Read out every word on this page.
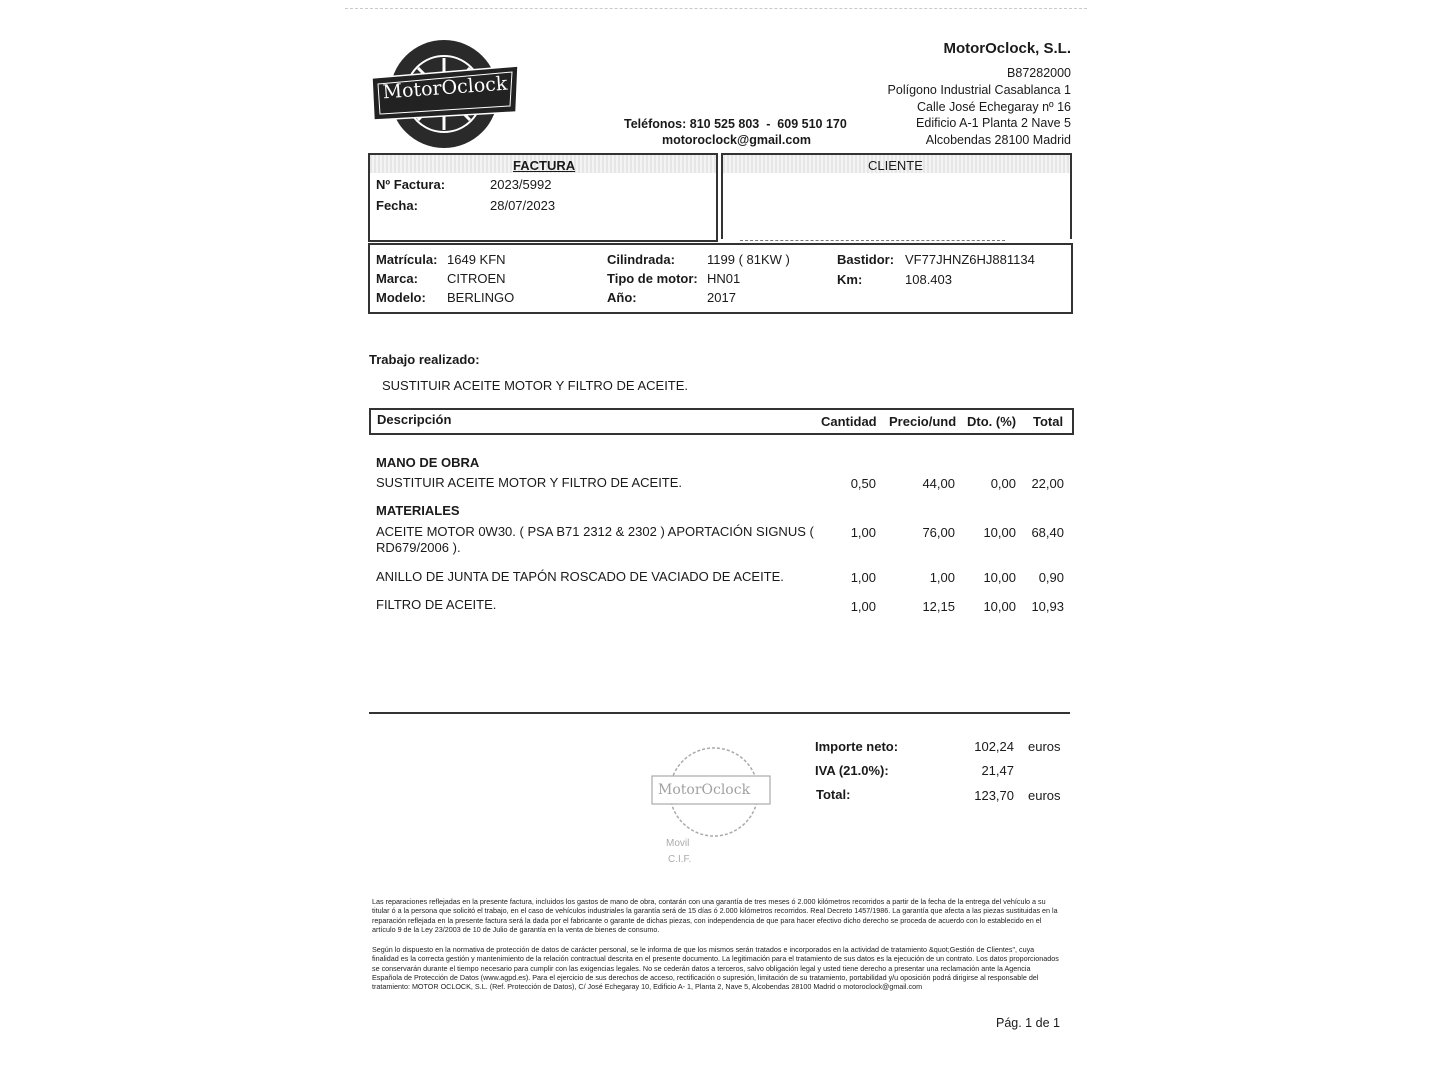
MotorOclock
MotorOclock, S.L.
B87282000
Polígono Industrial Casablanca 1
Calle José Echegaray nº 16
Edificio A-1 Planta 2 Nave 5
Alcobendas 28100 Madrid
Teléfonos: 810 525 803  -  609 510 170
motoroclock@gmail.com
FACTURA
Nº Factura:	2023/5992
Fecha:	28/07/2023
CLIENTE
Matrícula: 1649 KFN
Marca: CITROEN
Modelo: BERLINGO
Cilindrada: 1199 ( 81KW )
Tipo de motor: HN01
Año:	2017
Bastidor: VF77JHNZ6HJ881134
Km:	108.403
Trabajo realizado:
SUSTITUIR ACEITE MOTOR Y FILTRO DE ACEITE.
Descripción	Cantidad Precio/und Dto. (%) Total
MANO DE OBRA
SUSTITUIR ACEITE MOTOR Y FILTRO DE ACEITE.	0,50	44,00	0,00 22,00
MATERIALES
ACEITE MOTOR 0W30. ( PSA B71 2312 & 2302 ) APORTACIÓN SIGNUS (
RD679/2006 ).
1,00	76,00 10,00 68,40
ANILLO DE JUNTA DE TAPÓN ROSCADO DE VACIADO DE ACEITE.	1,00	1,00 10,00 0,90
FILTRO DE ACEITE.	1,00	12,15 10,00 10,93
MotorOclock
Movil
C.I.F.
Importe neto:	102,24 euros
IVA (21.0%):	21,47
Total:	123,70 euros
Las reparaciones reflejadas en la presente factura, incluidos los gastos de mano de obra, contarán con una garantía de tres meses ó 2.000 kilómetros recorridos a partir de la fecha de la entrega del vehículo a su titular ó a la persona que solicitó el trabajo, en el caso de vehículos industriales la garantía será de 15 días ó 2.000 kilómetros recorridos. Real Decreto 1457/1986. La garantía que afecta a las piezas sustituidas en la reparación reflejada en la presente factura será la dada por el fabricante o garante de dichas piezas, con independencia de que para hacer efectivo dicho derecho se proceda de acuerdo con lo establecido en el artículo 9 de la Ley 23/2003 de 10 de Julio de garantía en la venta de bienes de consumo.
Según lo dispuesto en la normativa de protección de datos de carácter personal, se le informa de que los mismos serán tratados e incorporados en la actividad de tratamiento &quot;Gestión de Clientes", cuya finalidad es la correcta gestión y mantenimiento de la relación contractual descrita en el presente documento. La legitimación para el tratamiento de sus datos es la ejecución de un contrato. Los datos proporcionados se conservarán durante el tiempo necesario para cumplir con las exigencias legales. No se cederán datos a terceros, salvo obligación legal y usted tiene derecho a presentar una reclamación ante la Agencia Española de Protección de Datos (www.agpd.es). Para el ejercicio de sus derechos de acceso, rectificación o supresión, limitación de su tratamiento, portabilidad y/u oposición podrá dirigirse al responsable del tratamiento: MOTOR OCLOCK, S.L. (Ref. Protección de Datos), C/ José Echegaray 10, Edificio A- 1, Planta 2, Nave 5, Alcobendas 28100 Madrid o motoroclock@gmail.com
Pág. 1 de 1
